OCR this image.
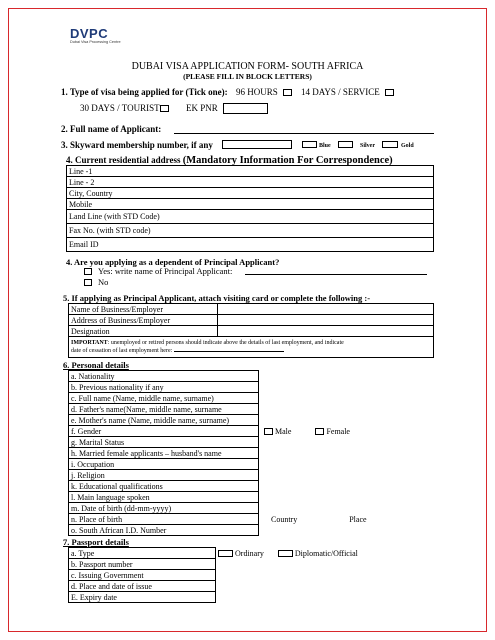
DVPC
Dubai Visa Processing Centre
DUBAI VISA APPLICATION FORM- SOUTH AFRICA
(PLEASE FILL IN BLOCK LETTERS)
1. Type of visa being applied for (Tick one): 96 HOURS	14 DAYS / SERVICE
30 DAYS / TOURIST	EK PNR
2. Full name of Applicant:
3. Skyward membership number, if any	Blue	Silver	Gold
4. Current residential address (Mandatory Information For Correspondence)
Line -1
Line - 2
City, Country
Mobile
Land Line (with STD Code)
Fax No. (with STD code)
Email ID
4. Are you applying as a dependent of Principal Applicant?
Yes: write name of Principal Applicant:
No
5. If applying as Principal Applicant, attach visiting card or complete the following :-
Name of Business/Employer	
Address of Business/Employer	
Designation	
IMPORTANT: unemployed or retired persons should indicate above the details of last employment, and indicate
date of cessation of last employment here:	
6. Personal details
a. Nationality	
b. Previous nationality if any	
c. Full name (Name, middle name, surname)	
d. Father's name(Name, middle name, surname	
e. Mother's name (Name, middle name, surname)	
f. Gender	Male Female
g. Marital Status	
h. Married female applicants – husband's name	
i. Occupation	
j. Religion	
k. Educational qualifications	
l. Main language spoken	
m. Date of birth (dd-mm-yyyy)	
n. Place of birth	Country Place
o. South African I.D. Number	
7. Passport details
a. Type	Ordinary Diplomatic/Official
b. Passport number	
c. Issuing Government	
d. Place and date of issue	
E. Expiry date	
